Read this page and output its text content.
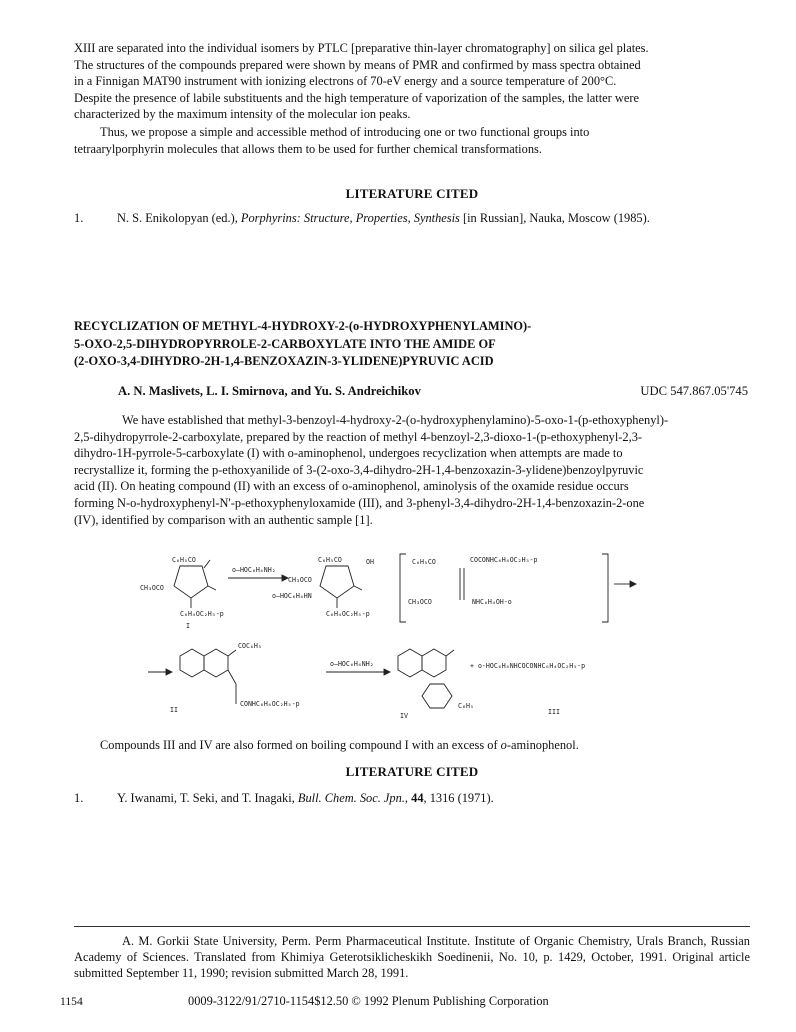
XIII are separated into the individual isomers by PTLC [preparative thin-layer chromatography] on silica gel plates.
The structures of the compounds prepared were shown by means of PMR and confirmed by mass spectra obtained
in a Finnigan MAT90 instrument with ionizing electrons of 70-eV energy and a source temperature of 200°C.
Despite the presence of labile substituents and the high temperature of vaporization of the samples, the latter were
characterized by the maximum intensity of the molecular ion peaks.
Thus, we propose a simple and accessible method of introducing one or two functional groups into
tetraarylporphyrin molecules that allows them to be used for further chemical transformations.
LITERATURE CITED
1.	N. S. Enikolopyan (ed.), Porphyrins: Structure, Properties, Synthesis [in Russian], Nauka, Moscow (1985).
RECYCLIZATION OF METHYL-4-HYDROXY-2-(o-HYDROXYPHENYLAMINO)-
5-OXO-2,5-DIHYDROPYRROLE-2-CARBOXYLATE INTO THE AMIDE OF
(2-OXO-3,4-DIHYDRO-2H-1,4-BENZOXAZIN-3-YLIDENE)PYRUVIC ACID
A. N. Maslivets, L. I. Smirnova, and Yu. S. Andreichikov	UDC 547.867.05'745
We have established that methyl-3-benzoyl-4-hydroxy-2-(o-hydroxyphenylamino)-5-oxo-1-(p-ethoxyphenyl)-
2,5-dihydropyrrole-2-carboxylate, prepared by the reaction of methyl 4-benzoyl-2,3-dioxo-1-(p-ethoxyphenyl-2,3-
dihydro-1H-pyrrole-5-carboxylate (I) with o-aminophenol, undergoes recyclization when attempts are made to
recrystallize it, forming the p-ethoxyanilide of 3-(2-oxo-3,4-dihydro-2H-1,4-benzoxazin-3-ylidene)benzoylpyruvic
acid (II). On heating compound (II) with an excess of o-aminophenol, aminolysis of the oxamide residue occurs
forming N-o-hydroxyphenyl-N'-p-ethoxyphenyloxamide (III), and 3-phenyl-3,4-dihydro-2H-1,4-benzoxazin-2-one
(IV), identified by comparison with an authentic sample [1].
C₆H₅CO
CH₃OCO
C₆H₄OC₂H₅-p
I
o–HOC₆H₄NH₂
C₆H₅CO	OH
CH₃OCO
o–HOC₆H₄HN
C₆H₄OC₂H₅-p
C₆H₅CO	COCONHC₆H₄OC₂H₅-p
CH₃OCO	NHC₆H₄OH-o
COC₆H₅
CONHC₆H₄OC₂H₅-p
II
o–HOC₆H₄NH₂
C₆H₅
IV
+ o-HOC₆H₄NHCOCONHC₆H₄OC₂H₅-p
III
Compounds III and IV are also formed on boiling compound I with an excess of o-aminophenol.
LITERATURE CITED
1.	Y. Iwanami, T. Seki, and T. Inagaki, Bull. Chem. Soc. Jpn., 44, 1316 (1971).
A. M. Gorkii State University, Perm. Perm Pharmaceutical Institute. Institute of Organic Chemistry, Urals Branch, Russian Academy of Sciences. Translated from Khimiya Geterotsiklicheskikh Soedinenii, No. 10, p. 1429, October, 1991. Original article submitted September 11, 1990; revision submitted March 28, 1991.
1154	0009-3122/91/2710-1154$12.50 © 1992 Plenum Publishing Corporation
